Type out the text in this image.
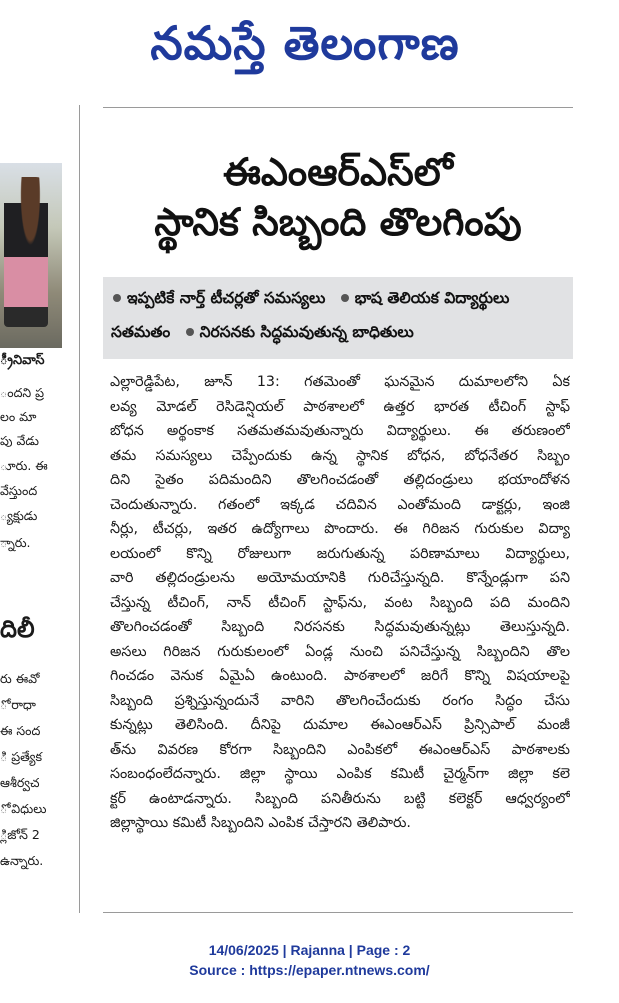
నమస్తే తెలంగాణ
్రీనివాస్
ందని ప్ర
లం మా
పు వేడు
ూరు. ఈ
వేస్తుంద
్యక్షుడు
్నారు.
దిలీ
రు ఈవో
ో రాధా
ఈ సంద
ి ప్రత్యేక
ఆశీర్వచ
ో విధులు
్లిజోన్ 2
ఉన్నారు.
ఈఎంఆర్ఎస్‌లో
స్థానిక సిబ్బంది తొలగింపు
ఇప్పటికే నార్త్ టీచర్లతో సమస్యలు భాష తెలియక విద్యార్థులు
సతమతం నిరసనకు సిద్ధమవుతున్న బాధితులు
ఎల్లారెడ్డిపేట, జూన్ 13: గతమెంతో ఘనమైన దుమాలలోని ఏక
లవ్య మోడల్ రెసిడెన్షియల్ పాఠశాలలో ఉత్తర భారత టీచింగ్ స్టాఫ్
బోధన అర్థంకాక సతమతమవుతున్నారు విద్యార్థులు. ఈ తరుణంలో
తమ సమస్యలు చెప్పేందుకు ఉన్న స్థానిక బోధన, బోధనేతర సిబ్బం
దిని సైతం పదిమందిని తొలగించడంతో తల్లిదండ్రులు భయాందోళన
చెందుతున్నారు. గతంలో ఇక్కడ చదివిన ఎంతోమంది డాక్టర్లు, ఇంజి
నీర్లు, టీచర్లు, ఇతర ఉద్యోగాలు పొందారు. ఈ గిరిజన గురుకుల విద్యా
లయంలో కొన్ని రోజులుగా జరుగుతున్న పరిణామాలు విద్యార్థులు,
వారి తల్లిదండ్రులను అయోమయానికి గురిచేస్తున్నది. కొన్నేండ్లుగా పని
చేస్తున్న టీచింగ్, నాన్ టీచింగ్ స్టాఫ్‌ను, వంట సిబ్బంది పది మందిని
తొలగించడంతో సిబ్బంది నిరసనకు సిద్ధమవుతున్నట్లు తెలుస్తున్నది.
అసలు గిరిజన గురుకులంలో ఏండ్ల నుంచి పనిచేస్తున్న సిబ్బందిని తొల
గించడం వెనుక ఏమైఏ ఉంటుంది. పాఠశాలలో జరిగే కొన్ని విషయాలపై
సిబ్బంది ప్రశ్నిస్తున్నందునే వారిని తొలగించేందుకు రంగం సిద్ధం చేసు
కున్నట్లు తెలిసింది. దీనిపై దుమాల ఈఎంఆర్ఎస్ ప్రిన్సిపాల్ మంజీ
త్‌ను వివరణ కోరగా సిబ్బందిని ఎంపికలో ఈఎంఆర్ఎస్ పాఠశాలకు
సంబంధంలేదన్నారు. జిల్లా స్థాయి ఎంపిక కమిటీ చైర్మన్‌గా జిల్లా కలె
క్టర్ ఉంటాడన్నారు. సిబ్బంది పనితీరును బట్టి కలెక్టర్ ఆధ్వర్యంలో
జిల్లాస్థాయి కమిటీ సిబ్బందిని ఎంపిక చేస్తారని తెలిపారు.
14/06/2025 | Rajanna | Page : 2
Source : https://epaper.ntnews.com/
